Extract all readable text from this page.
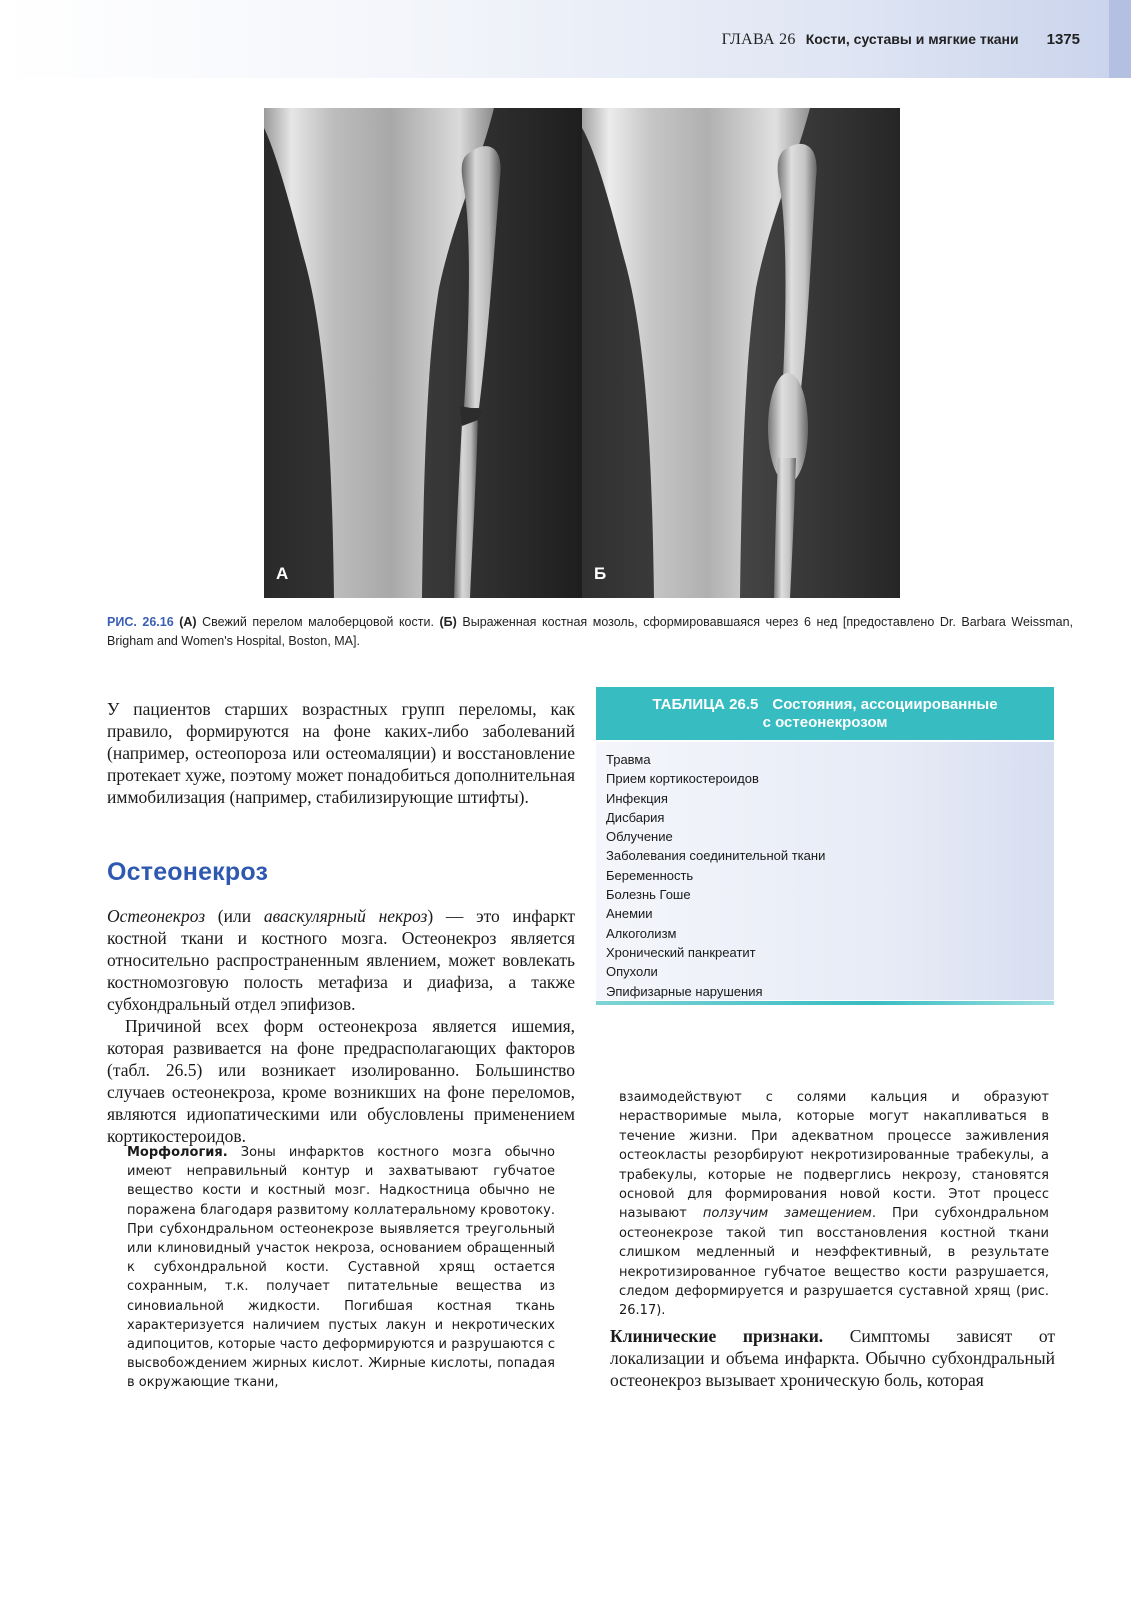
ГЛАВА 26 Кости, суставы и мягкие ткани 1375
А	Б
РИС. 26.16 (А) Свежий перелом малоберцовой кости. (Б) Выраженная костная мозоль, сформировавшаяся через 6 нед [предоставлено Dr. Barbara Weissman, Brigham and Women's Hospital, Boston, MA].

У пациентов старших возрастных групп переломы, как правило, формируются на фоне каких-либо заболеваний (например, остеопороза или остеомаляции) и восстановление протекает хуже, поэтому может понадобиться дополнительная иммобилизация (например, стабилизирующие штифты).

Остеонекроз

Остеонекроз (или аваскулярный некроз) — это инфаркт костной ткани и костного мозга. Остеонекроз является относительно распространенным явлением, может вовлекать костномозговую полость метафиза и диафиза, а также субхондральный отдел эпифизов.

Причиной всех форм остеонекроза является ишемия, которая развивается на фоне предрасполагающих факторов (табл. 26.5) или возникает изолированно. Большинство случаев остеонекроза, кроме возникших на фоне переломов, являются идиопатическими или обусловлены применением кортикостероидов.

Морфология. Зоны инфарктов костного мозга обычно имеют неправильный контур и захватывают губчатое вещество кости и костный мозг. Надкостница обычно не поражена благодаря развитому коллатеральному кровотоку. При субхондральном остеонекрозе выявляется треугольный или клиновидный участок некроза, основанием обращенный к субхондральной кости. Суставной хрящ остается сохранным, т.к. получает питательные вещества из синовиальной жидкости. Погибшая костная ткань характеризуется наличием пустых лакун и некротических адипоцитов, которые часто деформируются и разрушаются с высвобождением жирных кислот. Жирные кислоты, попадая в окружающие ткани,

взаимодействуют с солями кальция и образуют нерастворимые мыла, которые могут накапливаться в течение жизни. При адекватном процессе заживления остеокласты резорбируют некротизированные трабекулы, а трабекулы, которые не подверглись некрозу, становятся основой для формирования новой кости. Этот процесс называют ползучим замещением. При субхондральном остеонекрозе такой тип восстановления костной ткани слишком медленный и неэффективный, в результате некротизированное губчатое вещество кости разрушается, следом деформируется и разрушается суставной хрящ (рис. 26.17).

Клинические признаки. Симптомы зависят от локализации и объема инфаркта. Обычно субхондральный остеонекроз вызывает хроническую боль, которая

ТАБЛИЦА 26.5 Состояния, ассоциированные
с остеонекрозом
Травма
Прием кортикостероидов
Инфекция
Дисбария
Облучение
Заболевания соединительной ткани
Беременность
Болезнь Гоше
Анемии
Алкоголизм
Хронический панкреатит
Опухоли
Эпифизарные нарушения
